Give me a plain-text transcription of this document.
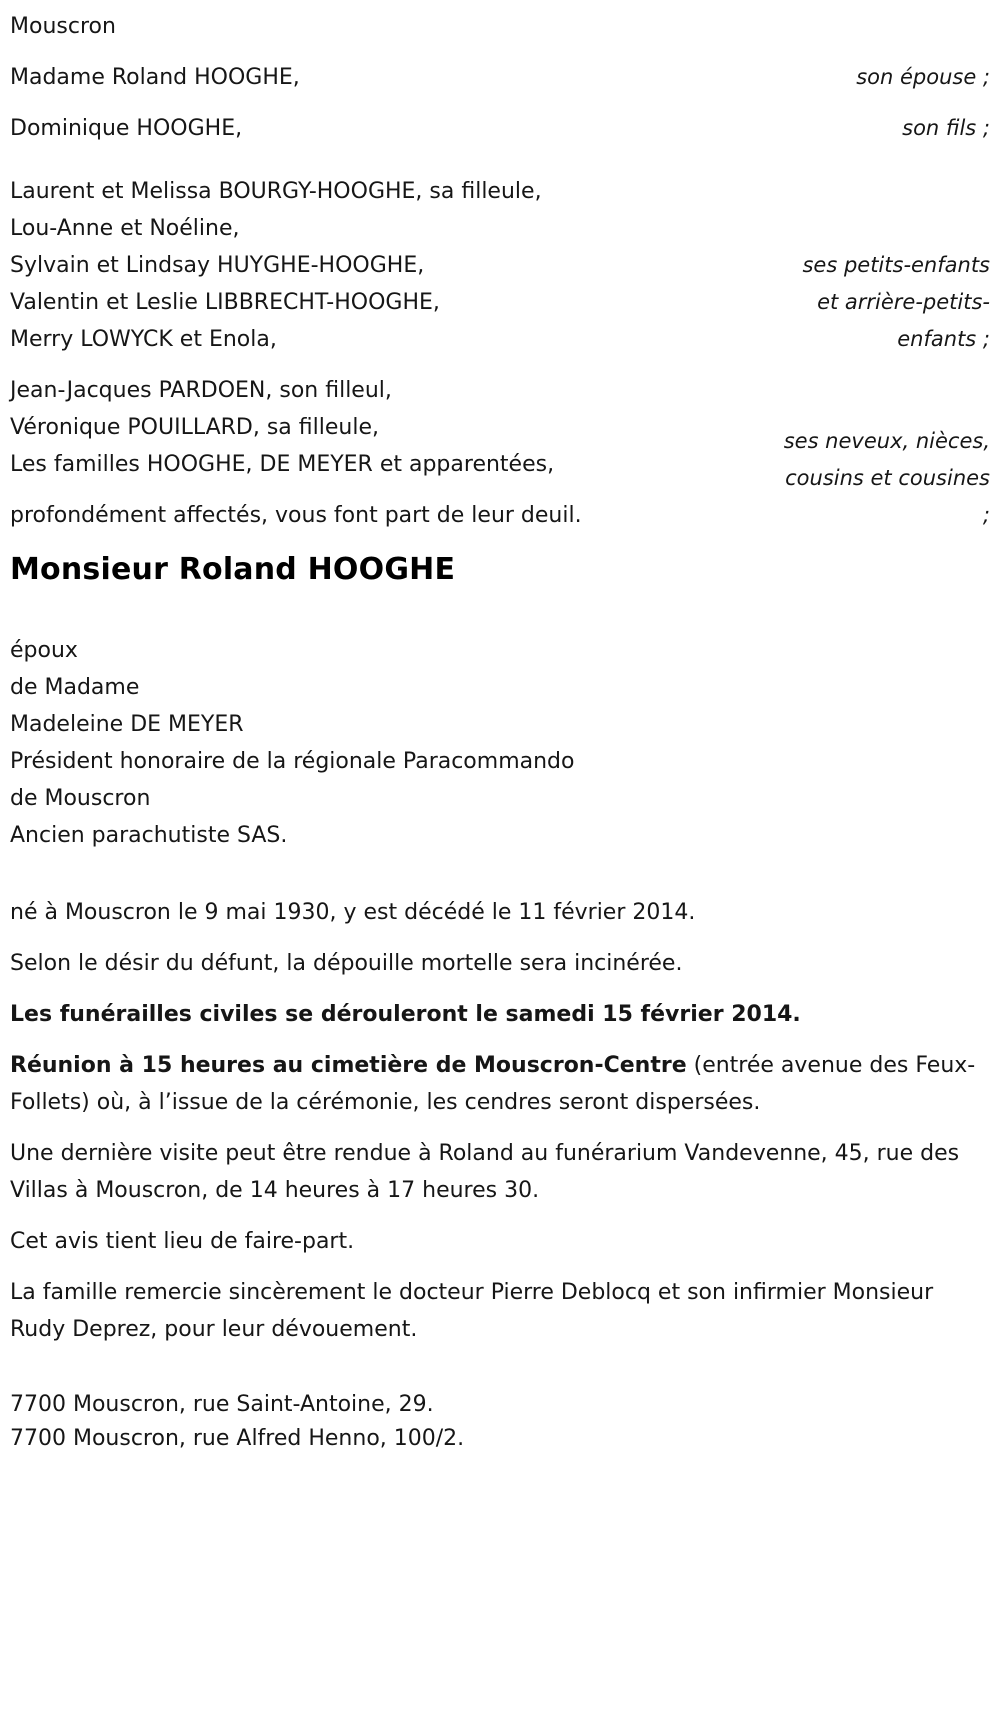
Mouscron
Madame Roland HOOGHE,	son épouse ;
Dominique HOOGHE,	son fils ;
Laurent et Melissa BOURGY-HOOGHE, sa filleule,
Lou-Anne et Noéline,
Sylvain et Lindsay HUYGHE-HOOGHE,
Valentin et Leslie LIBBRECHT-HOOGHE,
Merry LOWYCK et Enola,
ses petits-enfants
et arrière-petits-
enfants ;
Jean-Jacques PARDOEN, son filleul,
Véronique POUILLARD, sa filleule,
Les familles HOOGHE, DE MEYER et apparentées,
profondément affectés, vous font part de leur deuil.
ses neveux, nièces,
cousins et cousines
;
Monsieur Roland HOOGHE
époux
de Madame
Madeleine DE MEYER
Président honoraire de la régionale Paracommando
de Mouscron
Ancien parachutiste SAS.

né à Mouscron le 9 mai 1930, y est décédé le 11 février 2014.

Selon le désir du défunt, la dépouille mortelle sera incinérée.

Les funérailles civiles se dérouleront le samedi 15 février 2014.

Réunion à 15 heures au cimetière de Mouscron-Centre (entrée avenue des Feux-Follets) où, à l’issue de la cérémonie, les cendres seront dispersées.

Une dernière visite peut être rendue à Roland au funérarium Vandevenne, 45, rue des Villas à Mouscron, de 14 heures à 17 heures 30.

Cet avis tient lieu de faire-part.

La famille remercie sincèrement le docteur Pierre Deblocq et son infirmier Monsieur Rudy Deprez, pour leur dévouement.

7700 Mouscron, rue Saint-Antoine, 29.
7700 Mouscron, rue Alfred Henno, 100/2.
